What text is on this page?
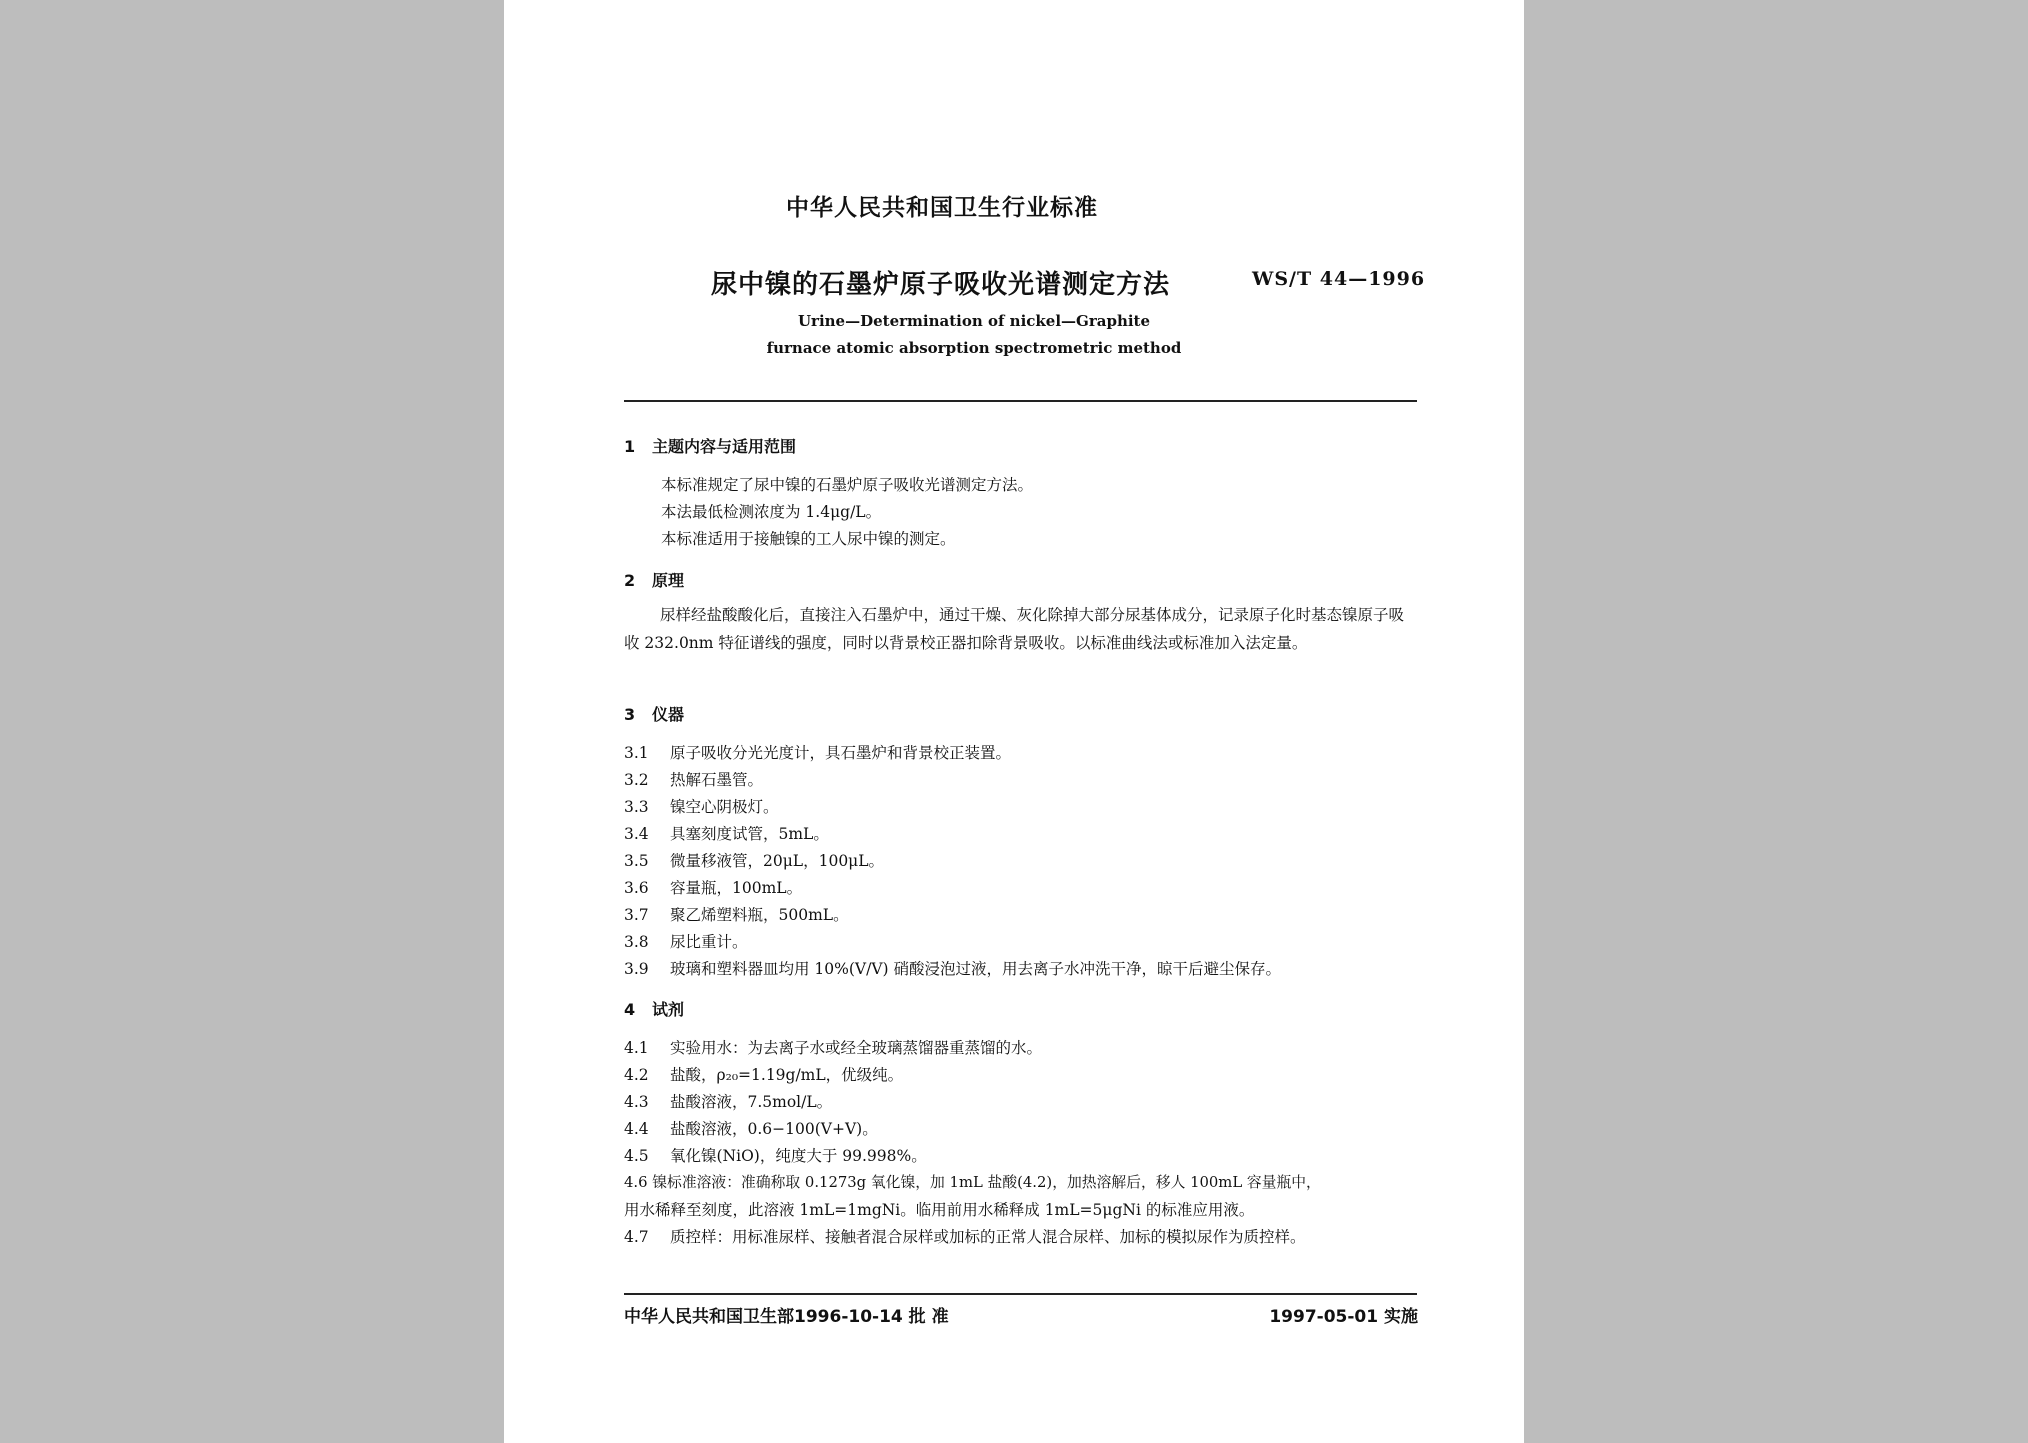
中华人民共和国卫生行业标准
尿中镍的石墨炉原子吸收光谱测定方法	WS/T 44—1996
Urine—Determination of nickel—Graphite
furnace atomic absorption spectrometric method
1 主题内容与适用范围
本标准规定了尿中镍的石墨炉原子吸收光谱测定方法。
本法最低检测浓度为 1.4μg/L。
本标准适用于接触镍的工人尿中镍的测定。
2 原理
尿样经盐酸酸化后，直接注入石墨炉中，通过干燥、灰化除掉大部分尿基体成分，记录原子化时基态镍原子吸收 232.0nm 特征谱线的强度，同时以背景校正器扣除背景吸收。以标准曲线法或标准加入法定量。
3 仪器
3.1 原子吸收分光光度计，具石墨炉和背景校正装置。
3.2 热解石墨管。
3.3 镍空心阴极灯。
3.4 具塞刻度试管，5mL。
3.5 微量移液管，20μL，100μL。
3.6 容量瓶，100mL。
3.7 聚乙烯塑料瓶，500mL。
3.8 尿比重计。
3.9 玻璃和塑料器皿均用 10%(V/V) 硝酸浸泡过液，用去离子水冲洗干净，晾干后避尘保存。
4 试剂
4.1 实验用水：为去离子水或经全玻璃蒸馏器重蒸馏的水。
4.2 盐酸，ρ₂₀=1.19g/mL，优级纯。
4.3 盐酸溶液，7.5mol/L。
4.4 盐酸溶液，0.6−100(V+V)。
4.5 氧化镍(NiO)，纯度大于 99.998%。
4.6 镍标准溶液：准确称取 0.1273g 氧化镍，加 1mL 盐酸(4.2)，加热溶解后，移人 100mL 容量瓶中，
用水稀释至刻度，此溶液 1mL=1mgNi。临用前用水稀释成 1mL=5μgNi 的标准应用液。
4.7 质控样：用标准尿样、接触者混合尿样或加标的正常人混合尿样、加标的模拟尿作为质控样。
中华人民共和国卫生部1996-10-14 批 准	1997-05-01 实施
